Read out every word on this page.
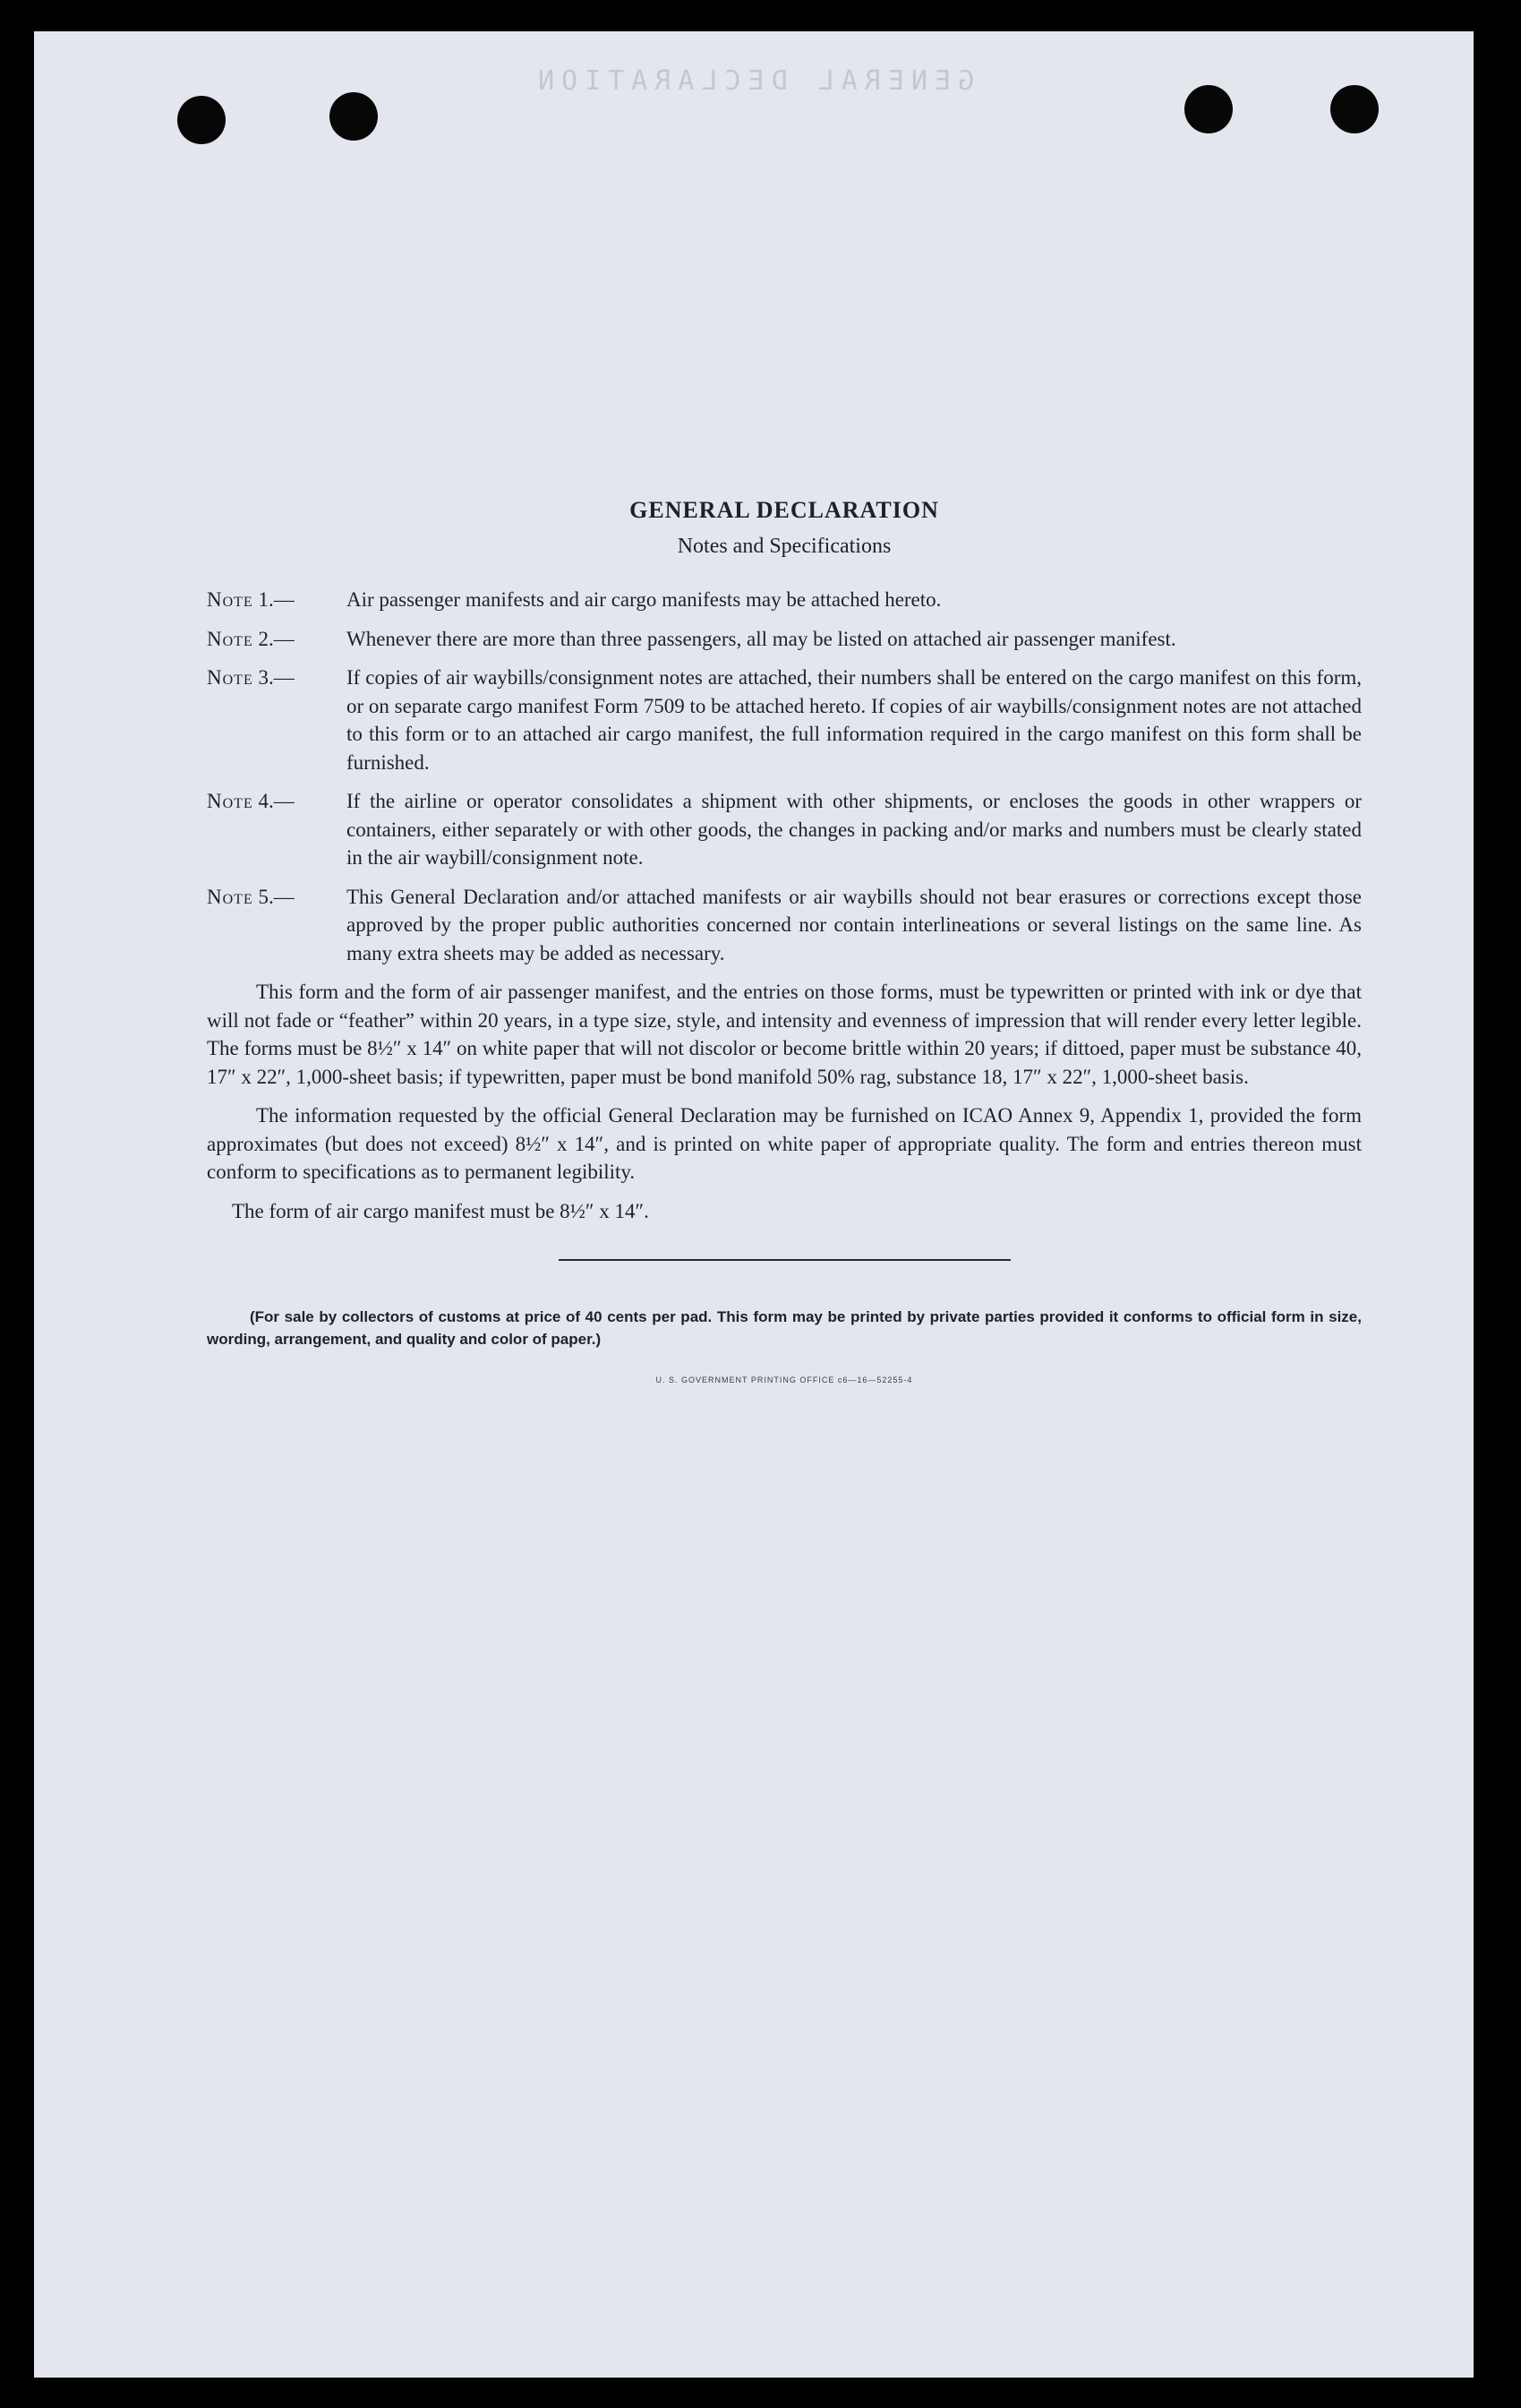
GENERAL DECLARATION
GENERAL DECLARATION
Notes and Specifications

Note 1.—	Air passenger manifests and air cargo manifests may be attached hereto.

Note 2.—	Whenever there are more than three passengers, all may be listed on attached air passenger manifest.

Note 3.—	If copies of air waybills/consignment notes are attached, their numbers shall be entered on the cargo manifest on this form, or on separate cargo manifest Form 7509 to be attached hereto. If copies of air waybills/consignment notes are not attached to this form or to an attached air cargo manifest, the full information required in the cargo manifest on this form shall be furnished.

Note 4.—	If the airline or operator consolidates a shipment with other shipments, or encloses the goods in other wrappers or containers, either separately or with other goods, the changes in packing and/or marks and numbers must be clearly stated in the air waybill/consignment note.

Note 5.—	This General Declaration and/or attached manifests or air waybills should not bear erasures or corrections except those approved by the proper public authorities concerned nor contain interlineations or several listings on the same line. As many extra sheets may be added as necessary.

This form and the form of air passenger manifest, and the entries on those forms, must be typewritten or printed with ink or dye that will not fade or “feather” within 20 years, in a type size, style, and intensity and evenness of impression that will render every letter legible. The forms must be 8½″ x 14″ on white paper that will not discolor or become brittle within 20 years; if dittoed, paper must be substance 40, 17″ x 22″, 1,000-sheet basis; if typewritten, paper must be bond manifold 50% rag, substance 18, 17″ x 22″, 1,000-sheet basis.

The information requested by the official General Declaration may be furnished on ICAO Annex 9, Appendix 1, provided the form approximates (but does not exceed) 8½″ x 14″, and is printed on white paper of appropriate quality. The form and entries thereon must conform to specifications as to permanent legibility.

The form of air cargo manifest must be 8½″ x 14″.

(For sale by collectors of customs at price of 40 cents per pad. This form may be printed by private parties provided it conforms to official form in size, wording, arrangement, and quality and color of paper.)

U. S. GOVERNMENT PRINTING OFFICE c6—16—52255-4
